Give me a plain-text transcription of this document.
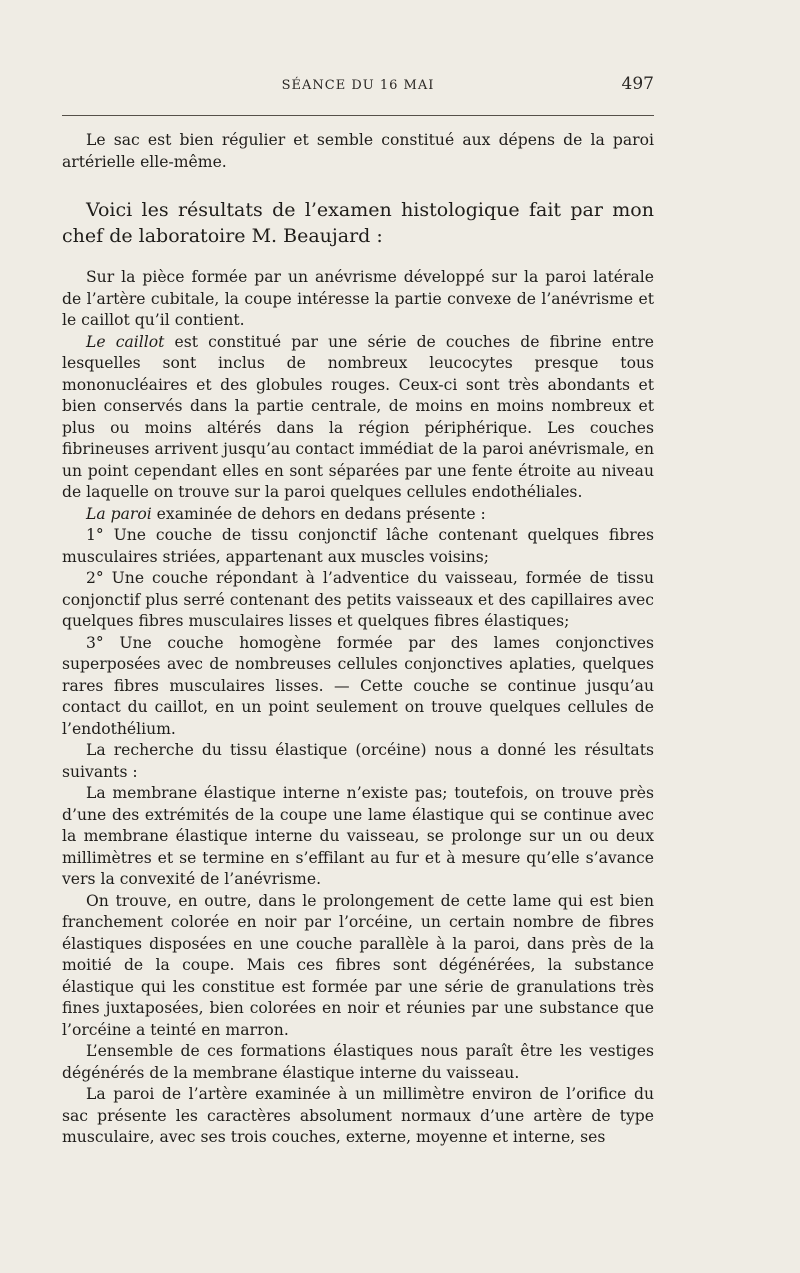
SÉANCE DU 16 MAI	497

Le sac est bien régulier et semble constitué aux dépens de la paroi artérielle elle-même.

Voici les résultats de l’examen histologique fait par mon chef de laboratoire M. Beaujard :

Sur la pièce formée par un anévrisme développé sur la paroi latérale de l’artère cubitale, la coupe intéresse la partie convexe de l’anévrisme et le caillot qu’il contient.

Le caillot est constitué par une série de couches de fibrine entre lesquelles sont inclus de nombreux leucocytes presque tous mononucléaires et des globules rouges. Ceux-ci sont très abondants et bien conservés dans la partie centrale, de moins en moins nombreux et plus ou moins altérés dans la région périphérique. Les couches fibrineuses arrivent jusqu’au contact immédiat de la paroi anévrismale, en un point cependant elles en sont séparées par une fente étroite au niveau de laquelle on trouve sur la paroi quelques cellules endothéliales.

La paroi examinée de dehors en dedans présente :

1° Une couche de tissu conjonctif lâche contenant quelques fibres musculaires striées, appartenant aux muscles voisins;

2° Une couche répondant à l’adventice du vaisseau, formée de tissu conjonctif plus serré contenant des petits vaisseaux et des capillaires avec quelques fibres musculaires lisses et quelques fibres élastiques;

3° Une couche homogène formée par des lames conjonctives superposées avec de nombreuses cellules conjonctives aplaties, quelques rares fibres musculaires lisses. — Cette couche se continue jusqu’au contact du caillot, en un point seulement on trouve quelques cellules de l’endothélium.

La recherche du tissu élastique (orcéine) nous a donné les résultats suivants :

La membrane élastique interne n’existe pas; toutefois, on trouve près d’une des extrémités de la coupe une lame élastique qui se continue avec la membrane élastique interne du vaisseau, se prolonge sur un ou deux millimètres et se termine en s’effilant au fur et à mesure qu’elle s’avance vers la convexité de l’anévrisme.

On trouve, en outre, dans le prolongement de cette lame qui est bien franchement colorée en noir par l’orcéine, un certain nombre de fibres élastiques disposées en une couche parallèle à la paroi, dans près de la moitié de la coupe. Mais ces fibres sont dégénérées, la substance élastique qui les constitue est formée par une série de granulations très fines juxtaposées, bien colorées en noir et réunies par une substance que l’orcéine a teinté en marron.

L’ensemble de ces formations élastiques nous paraît être les vestiges dégénérés de la membrane élastique interne du vaisseau.

La paroi de l’artère examinée à un millimètre environ de l’orifice du sac présente les caractères absolument normaux d’une artère de type musculaire, avec ses trois couches, externe, moyenne et interne, ses
